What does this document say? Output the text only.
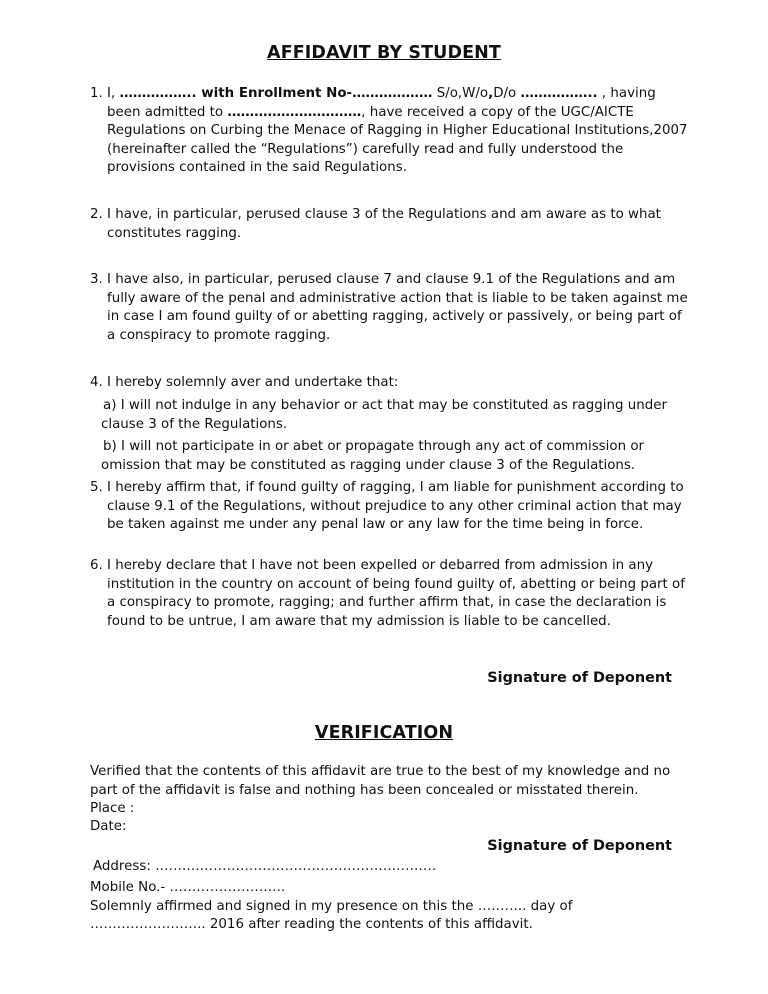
AFFIDAVIT BY STUDENT
1. I, …………….. with Enrollment No-……………… S/o,W/o,D/o …………….. , having been admitted to …………………………, have received a copy of the UGC/AICTE Regulations on Curbing the Menace of Ragging in Higher Educational Institutions,2007 (hereinafter called the “Regulations”) carefully read and fully understood the provisions contained in the said Regulations.
2. I have, in particular, perused clause 3 of the Regulations and am aware as to what constitutes ragging.
3. I have also, in particular, perused clause 7 and clause 9.1 of the Regulations and am fully aware of the penal and administrative action that is liable to be taken against me in case I am found guilty of or abetting ragging, actively or passively, or being part of a conspiracy to promote ragging.
4. I hereby solemnly aver and undertake that:
a) I will not indulge in any behavior or act that may be constituted as ragging under clause 3 of the Regulations.
b) I will not participate in or abet or propagate through any act of commission or omission that may be constituted as ragging under clause 3 of the Regulations.
5. I hereby affirm that, if found guilty of ragging, I am liable for punishment according to clause 9.1 of the Regulations, without prejudice to any other criminal action that may be taken against me under any penal law or any law for the time being in force.
6. I hereby declare that I have not been expelled or debarred from admission in any institution in the country on account of being found guilty of, abetting or being part of a conspiracy to promote, ragging; and further affirm that, in case the declaration is found to be untrue, I am aware that my admission is liable to be cancelled.
Signature of Deponent
VERIFICATION
Verified that the contents of this affidavit are true to the best of my knowledge and no part of the affidavit is false and nothing has been concealed or misstated therein.
Place :
Date:
Signature of Deponent
Address: ………………………………………………………
Mobile No.- ……………………..
Solemnly affirmed and signed in my presence on this the ……….. day of
…………………….. 2016 after reading the contents of this affidavit.
